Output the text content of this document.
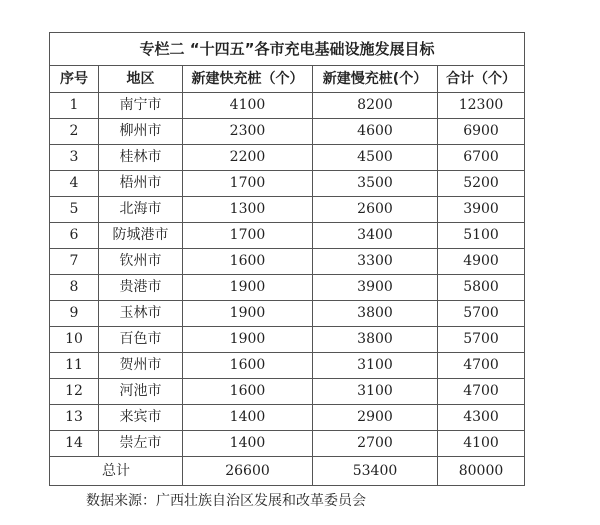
专栏二 “十四五”各市充电基础设施发展目标				
序号	地区	新建快充桩（个）	新建慢充桩(个）	合计（个）
1	南宁市	4100	8200	12300
2	柳州市	2300	4600	6900
3	桂林市	2200	4500	6700
4	梧州市	1700	3500	5200
5	北海市	1300	2600	3900
6	防城港市	1700	3400	5100
7	钦州市	1600	3300	4900
8	贵港市	1900	3900	5800
9	玉林市	1900	3800	5700
10	百色市	1900	3800	5700
11	贺州市	1600	3100	4700
12	河池市	1600	3100	4700
13	来宾市	1400	2900	4300
14	崇左市	1400	2700	4100
总计		26600	53400	80000
数据来源：广西壮族自治区发展和改革委员会
